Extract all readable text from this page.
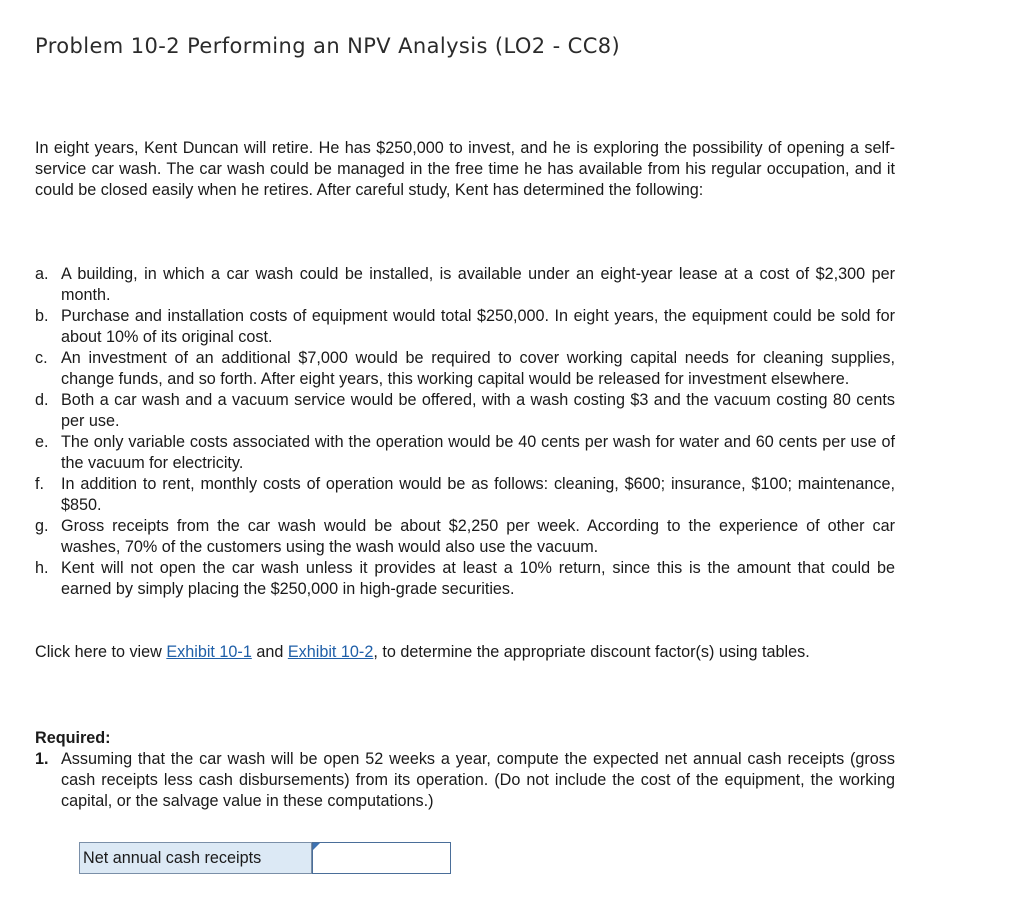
Problem 10-2 Performing an NPV Analysis (LO2 - CC8)
In eight years, Kent Duncan will retire. He has $250,000 to invest, and he is exploring the possibility of opening a self-service car wash. The car wash could be managed in the free time he has available from his regular occupation, and it could be closed easily when he retires. After careful study, Kent has determined the following:
a. A building, in which a car wash could be installed, is available under an eight-year lease at a cost of $2,300 per month.
b. Purchase and installation costs of equipment would total $250,000. In eight years, the equipment could be sold for about 10% of its original cost.
c. An investment of an additional $7,000 would be required to cover working capital needs for cleaning supplies, change funds, and so forth. After eight years, this working capital would be released for investment elsewhere.
d. Both a car wash and a vacuum service would be offered, with a wash costing $3 and the vacuum costing 80 cents per use.
e. The only variable costs associated with the operation would be 40 cents per wash for water and 60 cents per use of the vacuum for electricity.
f.	In addition to rent, monthly costs of operation would be as follows: cleaning, $600; insurance, $100; maintenance, $850.
g. Gross receipts from the car wash would be about $2,250 per week. According to the experience of other car washes, 70% of the customers using the wash would also use the vacuum.
h. Kent will not open the car wash unless it provides at least a 10% return, since this is the amount that could be earned by simply placing the $250,000 in high-grade securities.
Click here to view Exhibit 10-1 and Exhibit 10-2, to determine the appropriate discount factor(s) using tables.
Required:
1. Assuming that the car wash will be open 52 weeks a year, compute the expected net annual cash receipts (gross cash receipts less cash disbursements) from its operation. (Do not include the cost of the equipment, the working capital, or the salvage value in these computations.)
Net annual cash receipts
